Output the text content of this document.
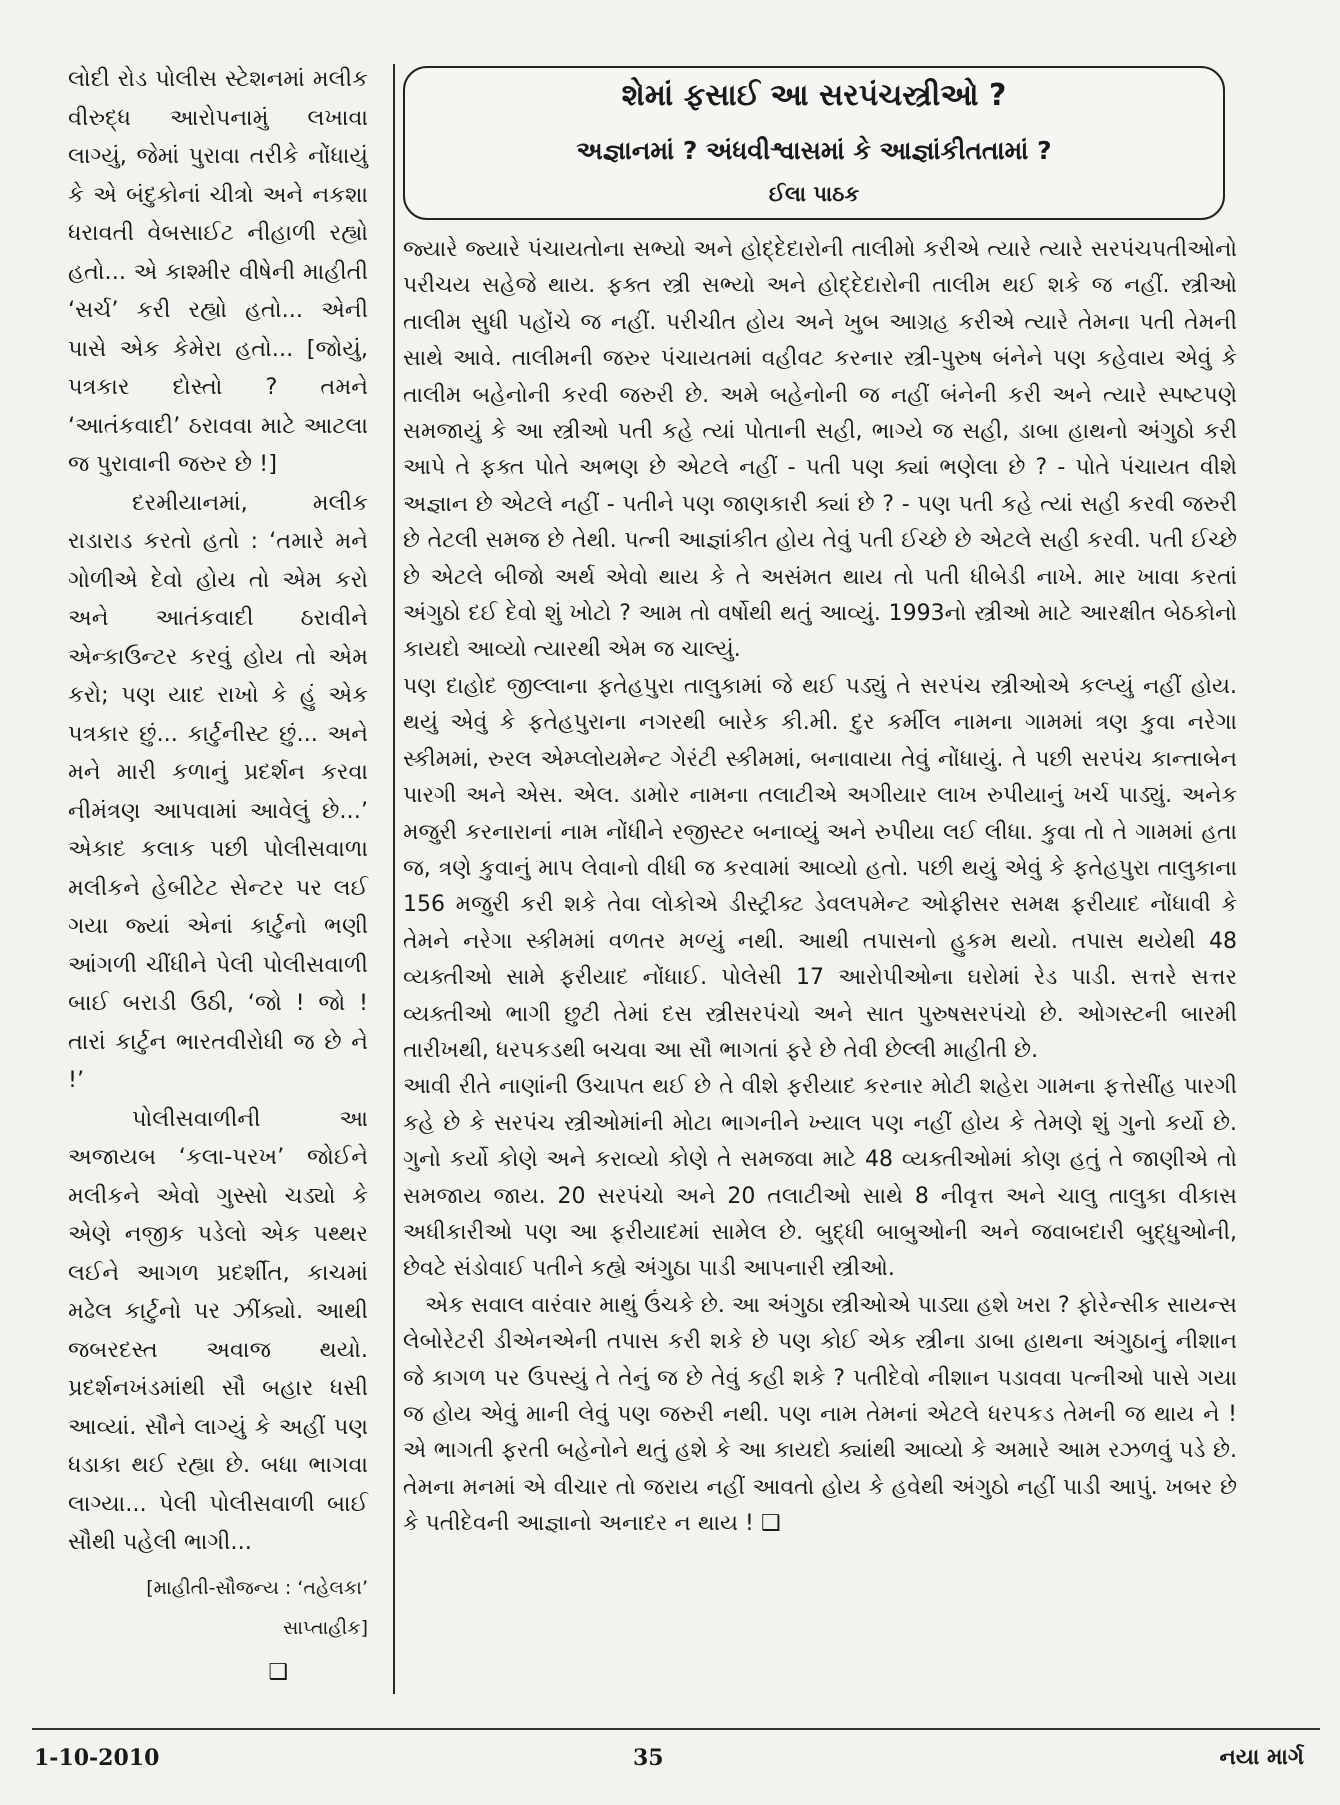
લોદી રોડ પોલીસ સ્ટેશનમાં મલીક વીરુદ્ધ આરોપનામું લખાવા લાગ્યું, જેમાં પુરાવા તરીકે નોંધાયું કે એ બંદુકોનાં ચીત્રો અને નકશા ધરાવતી વેબસાઈટ નીહાળી રહ્યો હતો... એ કાશ્મીર વીષેની માહીતી ‘સર્ચ’ કરી રહ્યો હતો... એની પાસે એક કેમેરા હતો... [જોયું, પત્રકાર દોસ્તો ? તમને ‘આતંકવાદી’ ઠરાવવા માટે આટલા જ પુરાવાની જરુર છે !]

દરમીયાનમાં, મલીક રાડારાડ કરતો હતો : ‘તમારે મને ગોળીએ દેવો હોય તો એમ કરો અને આતંકવાદી ઠરાવીને એન્કાઉન્ટર કરવું હોય તો એમ કરો; પણ યાદ રાખો કે હું એક પત્રકાર છું... કાર્ટુનીસ્ટ છું... અને મને મારી કળાનું પ્રદર્શન કરવા નીમંત્રણ આપવામાં આવેલું છે...’ એકાદ કલાક પછી પોલીસવાળા મલીકને હેબીટેટ સેન્ટર પર લઈ ગયા જ્યાં એનાં કાર્ટુનો ભણી આંગળી ચીંધીને પેલી પોલીસવાળી બાઈ બરાડી ઉઠી, ‘જો ! જો ! તારાં કાર્ટુન ભારતવીરોધી જ છે ને !’

પોલીસવાળીની આ અજાયબ ‘કલા-પરખ’ જોઈને મલીકને એવો ગુસ્સો ચડ્યો કે એણે નજીક પડેલો એક પથ્થર લઈને આગળ પ્રદર્શીત, કાચમાં મઢેલ કાર્ટુનો પર ઝીંક્યો. આથી જબરદસ્ત અવાજ થયો. પ્રદર્શનખંડમાંથી સૌ બહાર ધસી આવ્યાં. સૌને લાગ્યું કે અહીં પણ ધડાકા થઈ રહ્યા છે. બધા ભાગવા લાગ્યા... પેલી પોલીસવાળી બાઈ સૌથી પહેલી ભાગી...

[માહીતી-સૌજન્ય : ‘તહેલકા’ સાપ્તાહીક]

❑

શેમાં ફસાઈ આ સરપંચસ્ત્રીઓ ?
અજ્ઞાનમાં ? અંધવીશ્વાસમાં કે આજ્ઞાંકીતતામાં ?
ઈલા પાઠક

જ્યારે જ્યારે પંચાયતોના સભ્યો અને હોદ્દેદારોની તાલીમો કરીએ ત્યારે ત્યારે સરપંચપતીઓનો પરીચય સહેજે થાય. ફક્ત સ્ત્રી સભ્યો અને હોદ્દેદારોની તાલીમ થઈ શકે જ નહીં. સ્ત્રીઓ તાલીમ સુધી પહોંચે જ નહીં. પરીચીત હોય અને ખુબ આગ્રહ કરીએ ત્યારે તેમના પતી તેમની સાથે આવે. તાલીમની જરુર પંચાયતમાં વહીવટ કરનાર સ્ત્રી-પુરુષ બંનેને પણ કહેવાય એવું કે તાલીમ બહેનોની કરવી જરુરી છે. અમે બહેનોની જ નહીં બંનેની કરી અને ત્યારે સ્પષ્ટપણે સમજાયું કે આ સ્ત્રીઓ પતી કહે ત્યાં પોતાની સહી, ભાગ્યે જ સહી, ડાબા હાથનો અંગુઠો કરી આપે તે ફક્ત પોતે અભણ છે એટલે નહીં - પતી પણ ક્યાં ભણેલા છે ? - પોતે પંચાયત વીશે અજ્ઞાન છે એટલે નહીં - પતીને પણ જાણકારી ક્યાં છે ? - પણ પતી કહે ત્યાં સહી કરવી જરુરી છે તેટલી સમજ છે તેથી. પત્ની આજ્ઞાંકીત હોય તેવું પતી ઈચ્છે છે એટલે સહી કરવી. પતી ઈચ્છે છે એટલે બીજો અર્થ એવો થાય કે તે અસંમત થાય તો પતી ધીબેડી નાખે. માર ખાવા કરતાં અંગુઠો દઈ દેવો શું ખોટો ? આમ તો વર્ષોથી થતું આવ્યું. 1993નો સ્ત્રીઓ માટે આરક્ષીત બેઠકોનો કાયદો આવ્યો ત્યારથી એમ જ ચાલ્યું.

પણ દાહોદ જીલ્લાના ફતેહપુરા તાલુકામાં જે થઈ પડ્યું તે સરપંચ સ્ત્રીઓએ કલ્પ્યું નહીં હોય. થયું એવું કે ફતેહપુરાના નગરથી બારેક કી.મી. દુર કર્મીલ નામના ગામમાં ત્રણ કુવા નરેગા સ્કીમમાં, રુરલ એમ્પ્લોયમેન્ટ ગેરંટી સ્કીમમાં, બનાવાયા તેવું નોંધાયું. તે પછી સરપંચ કાન્તાબેન પારગી અને એસ. એલ. ડામોર નામના તલાટીએ અગીયાર લાખ રુપીયાનું ખર્ચ પાડ્યું. અનેક મજુરી કરનારાનાં નામ નોંધીને રજીસ્ટર બનાવ્યું અને રુપીયા લઈ લીધા. કુવા તો તે ગામમાં હતા જ, ત્રણે કુવાનું માપ લેવાનો વીધી જ કરવામાં આવ્યો હતો. પછી થયું એવું કે ફતેહપુરા તાલુકાના 156 મજુરી કરી શકે તેવા લોકોએ ડીસ્ટ્રીક્ટ ડેવલપમેન્ટ ઓફીસર સમક્ષ ફરીયાદ નોંધાવી કે તેમને નરેગા સ્કીમમાં વળતર મળ્યું નથી. આથી તપાસનો હુકમ થયો. તપાસ થયેથી 48 વ્યક્તીઓ સામે ફરીયાદ નોંધાઈ. પોલેસી 17 આરોપીઓના ઘરોમાં રેડ પાડી. સત્તરે સત્તર વ્યક્તીઓ ભાગી છુટી તેમાં દસ સ્ત્રીસરપંચો અને સાત પુરુષસરપંચો છે. ઓગસ્ટની બારમી તારીખથી, ધરપકડથી બચવા આ સૌ ભાગતાં ફરે છે તેવી છેલ્લી માહીતી છે.

આવી રીતે નાણાંની ઉચાપત થઈ છે તે વીશે ફરીયાદ કરનાર મોટી શહેરા ગામના ફત્તેસીંહ પારગી કહે છે કે સરપંચ સ્ત્રીઓમાંની મોટા ભાગનીને ખ્યાલ પણ નહીં હોય કે તેમણે શું ગુનો કર્યો છે. ગુનો કર્યો કોણે અને કરાવ્યો કોણે તે સમજવા માટે 48 વ્યક્તીઓમાં કોણ હતું તે જાણીએ તો સમજાય જાય. 20 સરપંચો અને 20 તલાટીઓ સાથે 8 નીવૃત્ત અને ચાલુ તાલુકા વીકાસ અધીકારીઓ પણ આ ફરીયાદમાં સામેલ છે. બુદ્ધી બાબુઓની અને જવાબદારી બુદ્ધુઓની, છેવટે સંડોવાઈ પતીને કહ્યે અંગુઠા પાડી આપનારી સ્ત્રીઓ.

એક સવાલ વારંવાર માથું ઉંચકે છે. આ અંગુઠા સ્ત્રીઓએ પાડ્યા હશે ખરા ? ફોરેન્સીક સાયન્સ લેબોરેટરી ડીએનએની તપાસ કરી શકે છે પણ કોઈ એક સ્ત્રીના ડાબા હાથના અંગુઠાનું નીશાન જે કાગળ પર ઉપસ્યું તે તેનું જ છે તેવું કહી શકે ? પતીદેવો નીશાન પડાવવા પત્નીઓ પાસે ગયા જ હોય એવું માની લેવું પણ જરુરી નથી. પણ નામ તેમનાં એટલે ધરપકડ તેમની જ થાય ને ! એ ભાગતી ફરતી બહેનોને થતું હશે કે આ કાયદો ક્યાંથી આવ્યો કે અમારે આમ રઝળવું પડે છે. તેમના મનમાં એ વીચાર તો જરાય નહીં આવતો હોય કે હવેથી અંગુઠો નહીં પાડી આપું. ખબર છે કે પતીદેવની આજ્ઞાનો અનાદર ન થાય ! ❑

1-10-2010	35	નયા માર્ગ
